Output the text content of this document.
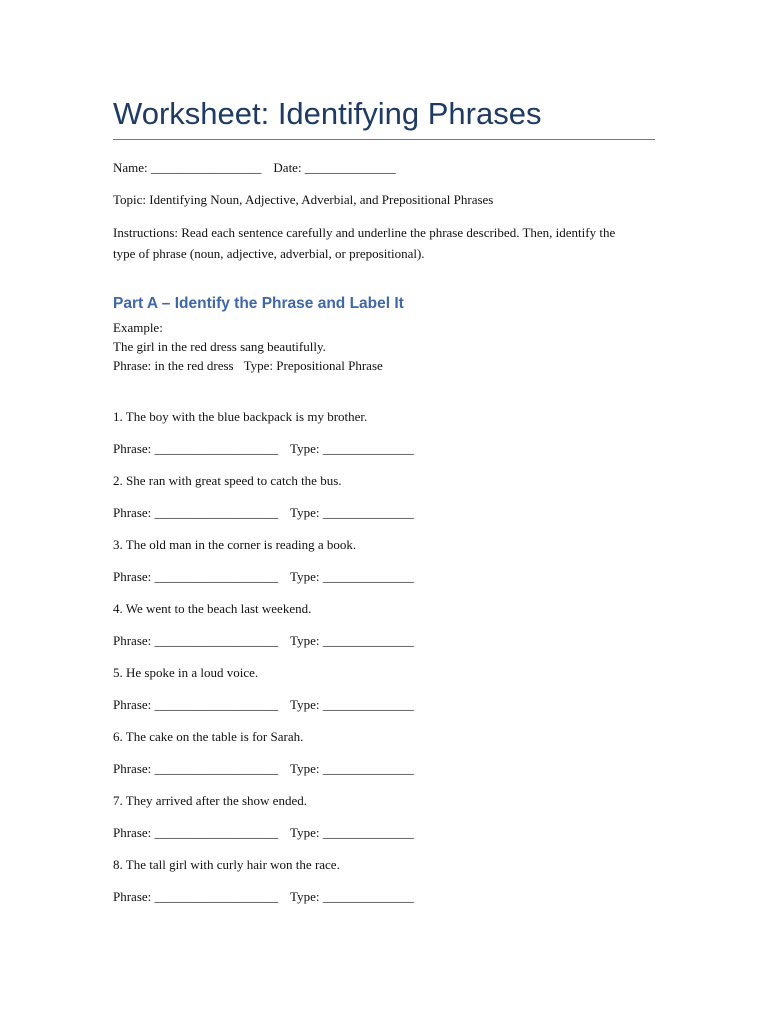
Worksheet: Identifying Phrases
Name: _________________ Date: ______________
Topic: Identifying Noun, Adjective, Adverbial, and Prepositional Phrases
Instructions: Read each sentence carefully and underline the phrase described. Then, identify the type of phrase (noun, adjective, adverbial, or prepositional).
Part A – Identify the Phrase and Label It
Example:
The girl in the red dress sang beautifully.
Phrase: in the red dress Type: Prepositional Phrase
1. The boy with the blue backpack is my brother.
Phrase: ___________________ Type: ______________
2. She ran with great speed to catch the bus.
Phrase: ___________________ Type: ______________
3. The old man in the corner is reading a book.
Phrase: ___________________ Type: ______________
4. We went to the beach last weekend.
Phrase: ___________________ Type: ______________
5. He spoke in a loud voice.
Phrase: ___________________ Type: ______________
6. The cake on the table is for Sarah.
Phrase: ___________________ Type: ______________
7. They arrived after the show ended.
Phrase: ___________________ Type: ______________
8. The tall girl with curly hair won the race.
Phrase: ___________________ Type: ______________
